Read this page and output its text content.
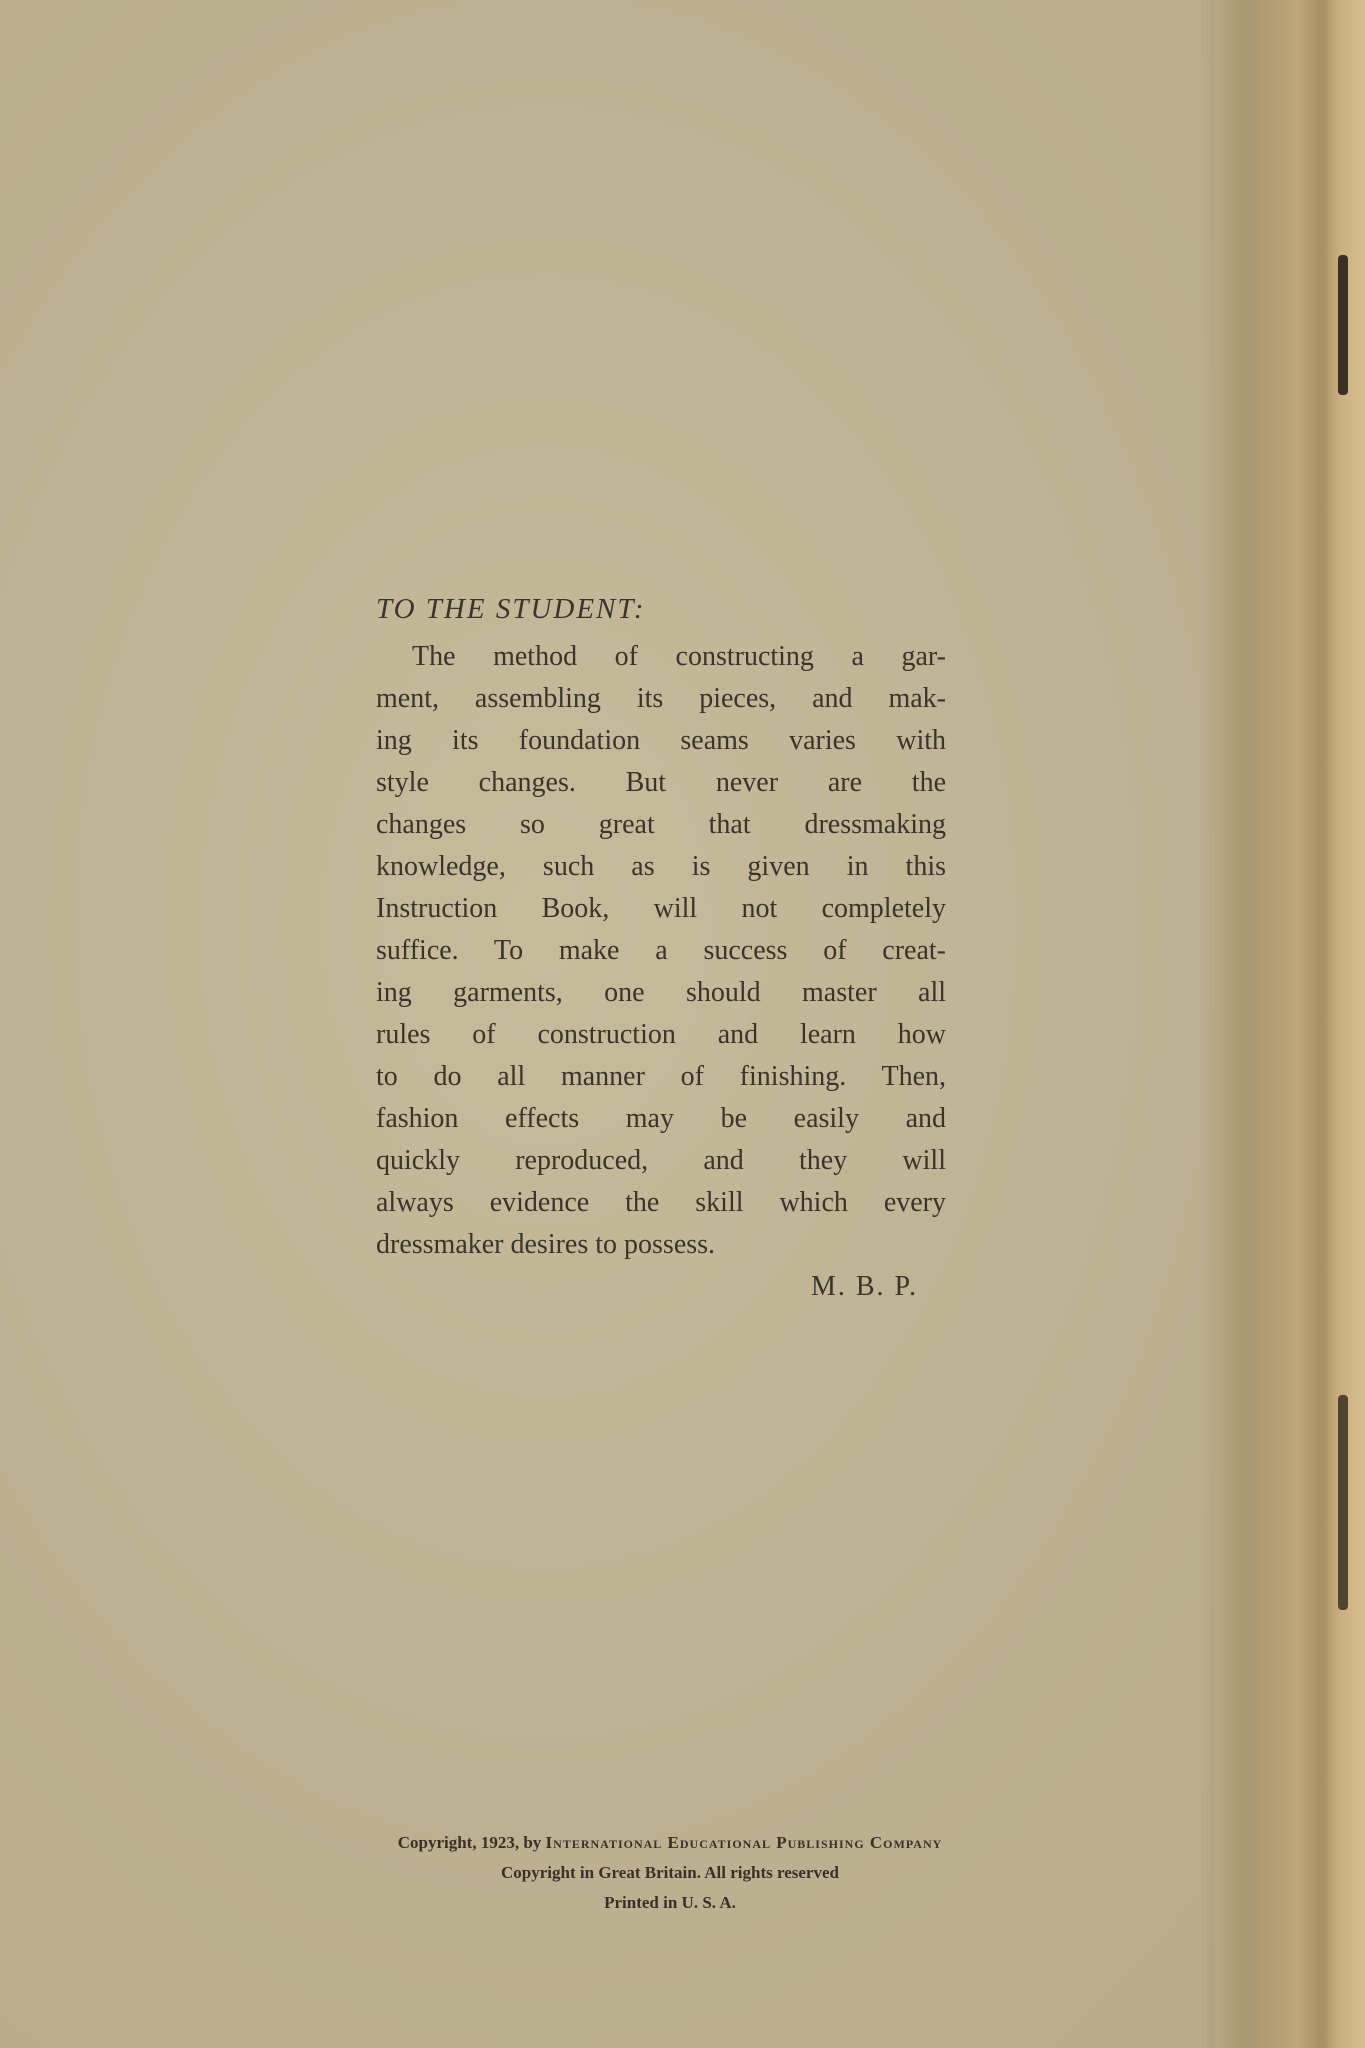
TO THE STUDENT:
The method of constructing a gar-
ment, assembling its pieces, and mak-
ing its foundation seams varies with
style changes. But never are the
changes so great that dressmaking
knowledge, such as is given in this
Instruction Book, will not completely
suffice. To make a success of creat-
ing garments, one should master all
rules of construction and learn how
to do all manner of finishing. Then,
fashion effects may be easily and
quickly reproduced, and they will
always evidence the skill which every
dressmaker desires to possess.
M. B. P.
Copyright, 1923, by International Educational Publishing Company
Copyright in Great Britain. All rights reserved
Printed in U. S. A.
